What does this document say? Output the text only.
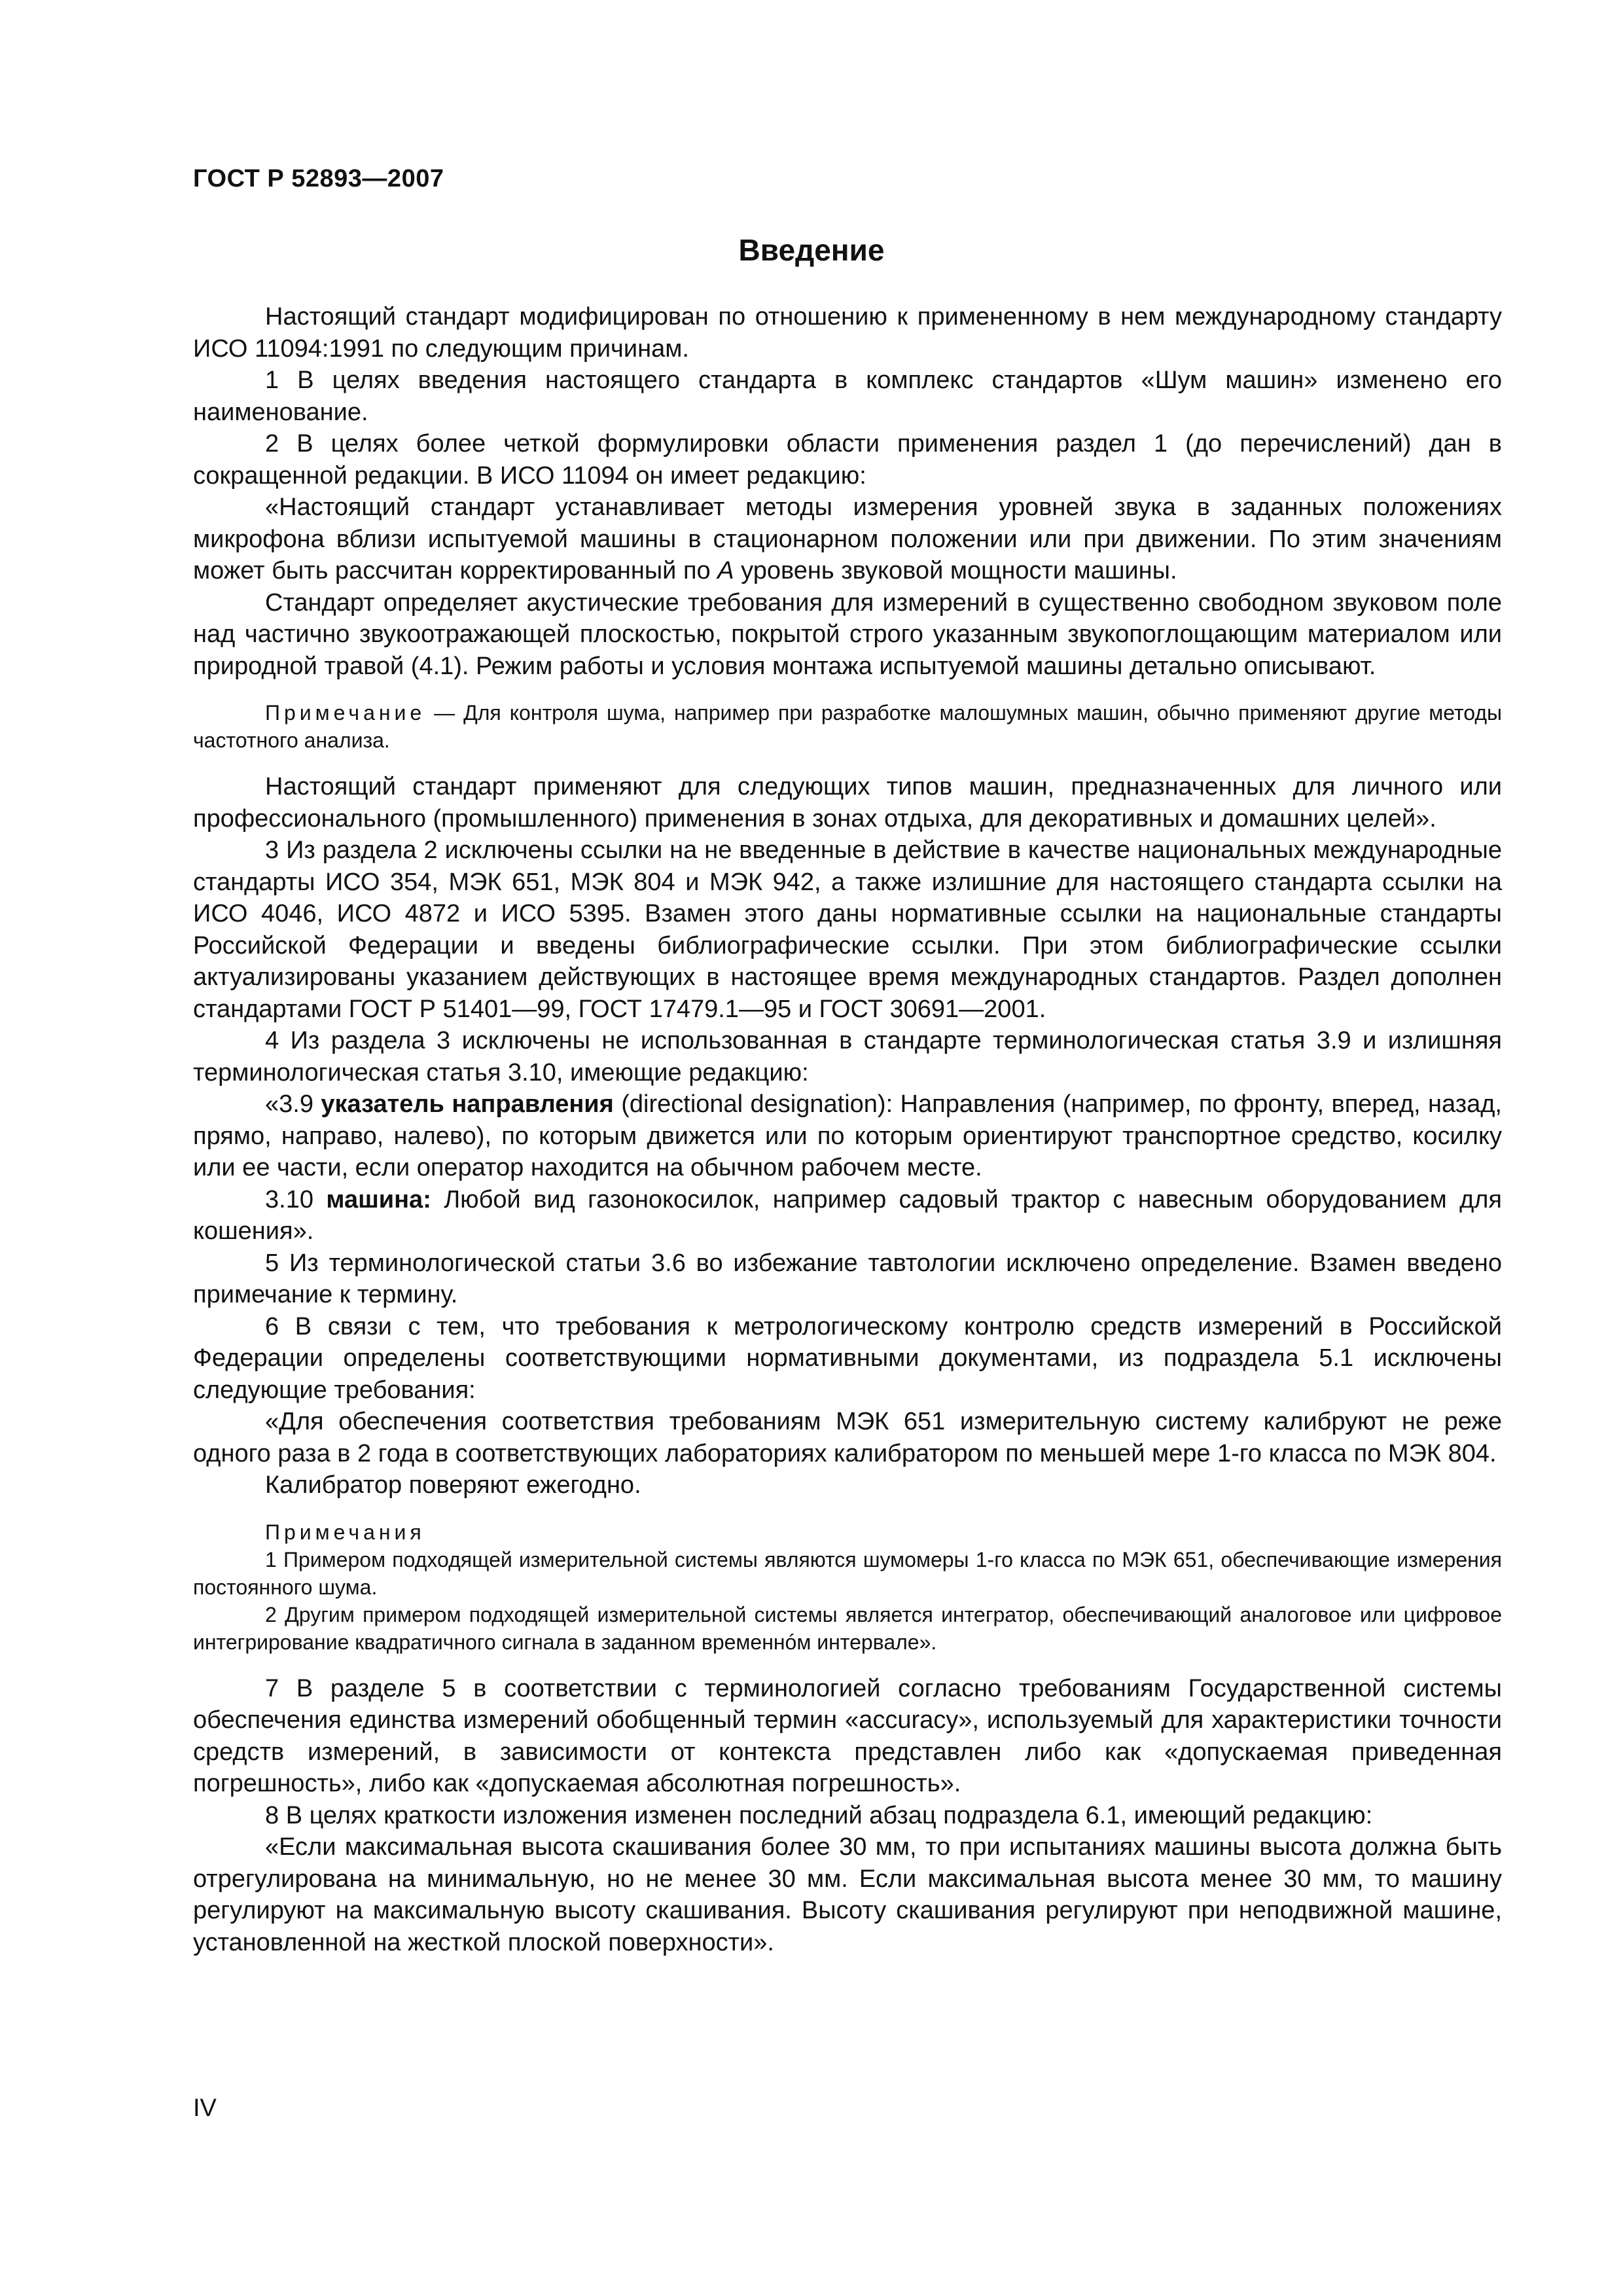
ГОСТ Р 52893—2007
Введение

Настоящий стандарт модифицирован по отношению к примененному в нем международному стандарту ИСО 11094:1991 по следующим причинам.

1 В целях введения настоящего стандарта в комплекс стандартов «Шум машин» изменено его наименование.

2 В целях более четкой формулировки области применения раздел 1 (до перечислений) дан в сокращенной редакции. В ИСО 11094 он имеет редакцию:

«Настоящий стандарт устанавливает методы измерения уровней звука в заданных положениях микрофона вблизи испытуемой машины в стационарном положении или при движении. По этим значениям может быть рассчитан корректированный по А уровень звуковой мощности машины.

Стандарт определяет акустические требования для измерений в существенно свободном звуковом поле над частично звукоотражающей плоскостью, покрытой строго указанным звукопоглощающим материалом или природной травой (4.1). Режим работы и условия монтажа испытуемой машины детально описывают.

Примечание — Для контроля шума, например при разработке малошумных машин, обычно применяют другие методы частотного анализа.

Настоящий стандарт применяют для следующих типов машин, предназначенных для личного или профессионального (промышленного) применения в зонах отдыха, для декоративных и домашних целей».

3 Из раздела 2 исключены ссылки на не введенные в действие в качестве национальных международные стандарты ИСО 354, МЭК 651, МЭК 804 и МЭК 942, а также излишние для настоящего стандарта ссылки на ИСО 4046, ИСО 4872 и ИСО 5395. Взамен этого даны нормативные ссылки на национальные стандарты Российской Федерации и введены библиографические ссылки. При этом библиографические ссылки актуализированы указанием действующих в настоящее время международных стандартов. Раздел дополнен стандартами ГОСТ Р 51401—99, ГОСТ 17479.1—95 и ГОСТ 30691—2001.

4 Из раздела 3 исключены не использованная в стандарте терминологическая статья 3.9 и излишняя терминологическая статья 3.10, имеющие редакцию:

«3.9 указатель направления (directional designation): Направления (например, по фронту, вперед, назад, прямо, направо, налево), по которым движется или по которым ориентируют транспортное средство, косилку или ее части, если оператор находится на обычном рабочем месте.

3.10 машина: Любой вид газонокосилок, например садовый трактор с навесным оборудованием для кошения».

5 Из терминологической статьи 3.6 во избежание тавтологии исключено определение. Взамен введено примечание к термину.

6 В связи с тем, что требования к метрологическому контролю средств измерений в Российской Федерации определены соответствующими нормативными документами, из подраздела 5.1 исключены следующие требования:

«Для обеспечения соответствия требованиям МЭК 651 измерительную систему калибруют не реже одного раза в 2 года в соответствующих лабораториях калибратором по меньшей мере 1-го класса по МЭК 804.

Калибратор поверяют ежегодно.

Примечания

1 Примером подходящей измерительной системы являются шумомеры 1-го класса по МЭК 651, обеспечивающие измерения постоянного шума.

2 Другим примером подходящей измерительной системы является интегратор, обеспечивающий аналоговое или цифровое интегрирование квадратичного сигнала в заданном временнóм интервале».

7 В разделе 5 в соответствии с терминологией согласно требованиям Государственной системы обеспечения единства измерений обобщенный термин «accuracy», используемый для характеристики точности средств измерений, в зависимости от контекста представлен либо как «допускаемая приведенная погрешность», либо как «допускаемая абсолютная погрешность».

8 В целях краткости изложения изменен последний абзац подраздела 6.1, имеющий редакцию:

«Если максимальная высота скашивания более 30 мм, то при испытаниях машины высота должна быть отрегулирована на минимальную, но не менее 30 мм. Если максимальная высота менее 30 мм, то машину регулируют на максимальную высоту скашивания. Высоту скашивания регулируют при неподвижной машине, установленной на жесткой плоской поверхности».

IV
